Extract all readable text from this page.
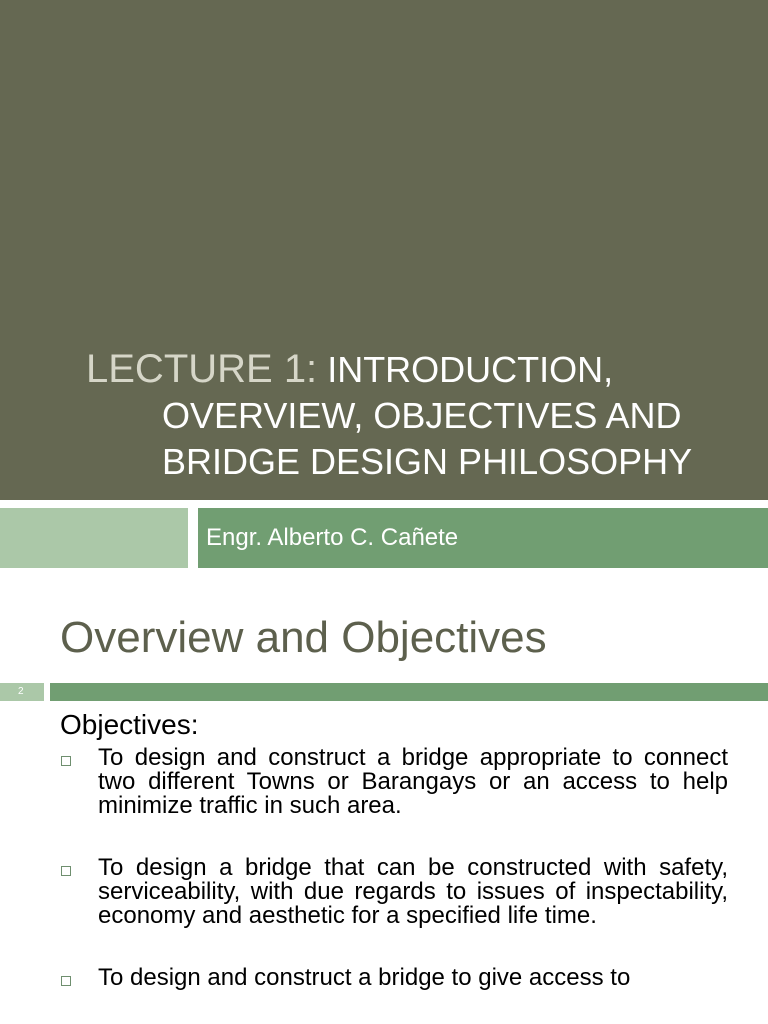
LECTURE 1: INTRODUCTION,
OVERVIEW, OBJECTIVES AND
BRIDGE DESIGN PHILOSOPHY
Engr. Alberto C. Cañete
Overview and Objectives
2
Objectives:
To design and construct a bridge appropriate to connect two different Towns or Barangays or an access to help minimize traffic in such area.
To design a bridge that can be constructed with safety, serviceability, with due regards to issues of inspectability, economy and aesthetic for a specified life time.
To design and construct a bridge to give access to
